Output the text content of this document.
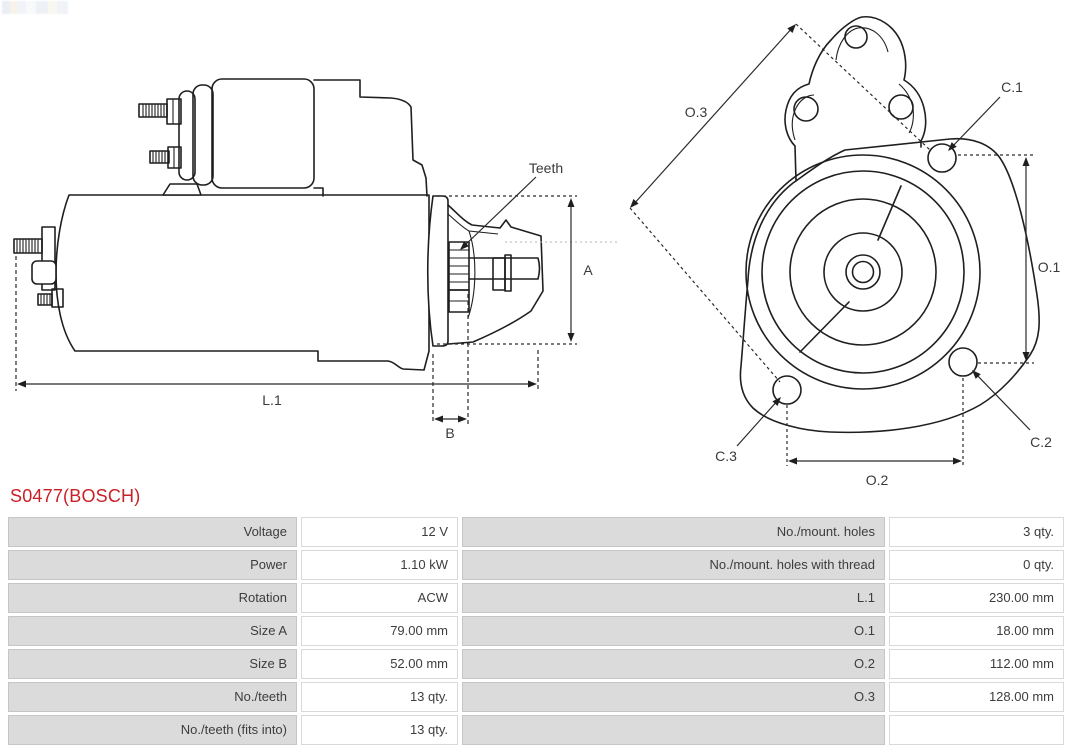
Teeth
A
L.1
B
O.3
O.1
O.2
C.1
C.2
C.3
S0477(BOSCH)
Voltage	12 V	No./mount. holes	3 qty.
Power	1.10 kW	No./mount. holes with thread	0 qty.
Rotation	ACW	L.1	230.00 mm
Size A	79.00 mm	O.1	18.00 mm
Size B	52.00 mm	O.2	112.00 mm
No./teeth	13 qty.	O.3	128.00 mm
No./teeth (fits into)	13 qty.
